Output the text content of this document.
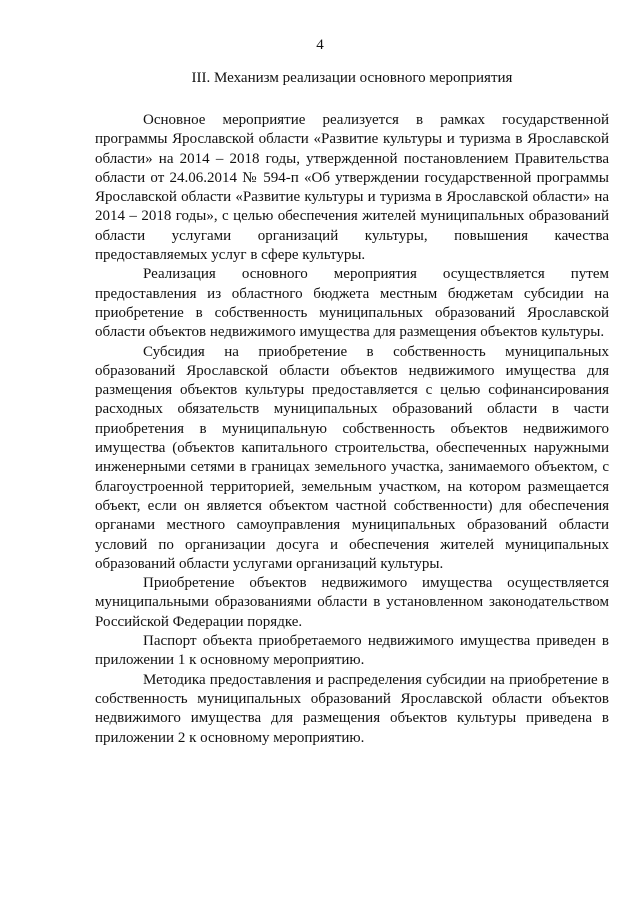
4
III. Механизм реализации основного мероприятия

Основное мероприятие реализуется в рамках государственной программы Ярославской области «Развитие культуры и туризма в Ярославской области» на 2014 – 2018 годы, утвержденной постановлением Правительства области от 24.06.2014 № 594-п «Об утверждении государственной программы Ярославской области «Развитие культуры и туризма в Ярославской области» на 2014 – 2018 годы», с целью обеспечения жителей муниципальных образований области услугами организаций культуры, повышения качества предоставляемых услуг в сфере культуры.

Реализация основного мероприятия осуществляется путем предоставления из областного бюджета местным бюджетам субсидии на приобретение в собственность муниципальных образований Ярославской области объектов недвижимого имущества для размещения объектов культуры.

Субсидия на приобретение в собственность муниципальных образований Ярославской области объектов недвижимого имущества для размещения объектов культуры предоставляется с целью софинансирования расходных обязательств муниципальных образований области в части приобретения в муниципальную собственность объектов недвижимого имущества (объектов капитального строительства, обеспеченных наружными инженерными сетями в границах земельного участка, занимаемого объектом, с благоустроенной территорией, земельным участком, на котором размещается объект, если он является объектом частной собственности) для обеспечения органами местного самоуправления муниципальных образований области условий по организации досуга и обеспечения жителей муниципальных образований области услугами организаций культуры.

Приобретение объектов недвижимого имущества осуществляется муниципальными образованиями области в установленном законодательством Российской Федерации порядке.

Паспорт объекта приобретаемого недвижимого имущества приведен в приложении 1 к основному мероприятию.

Методика предоставления и распределения субсидии на приобретение в собственность муниципальных образований Ярославской области объектов недвижимого имущества для размещения объектов культуры приведена в приложении 2 к основному мероприятию.
